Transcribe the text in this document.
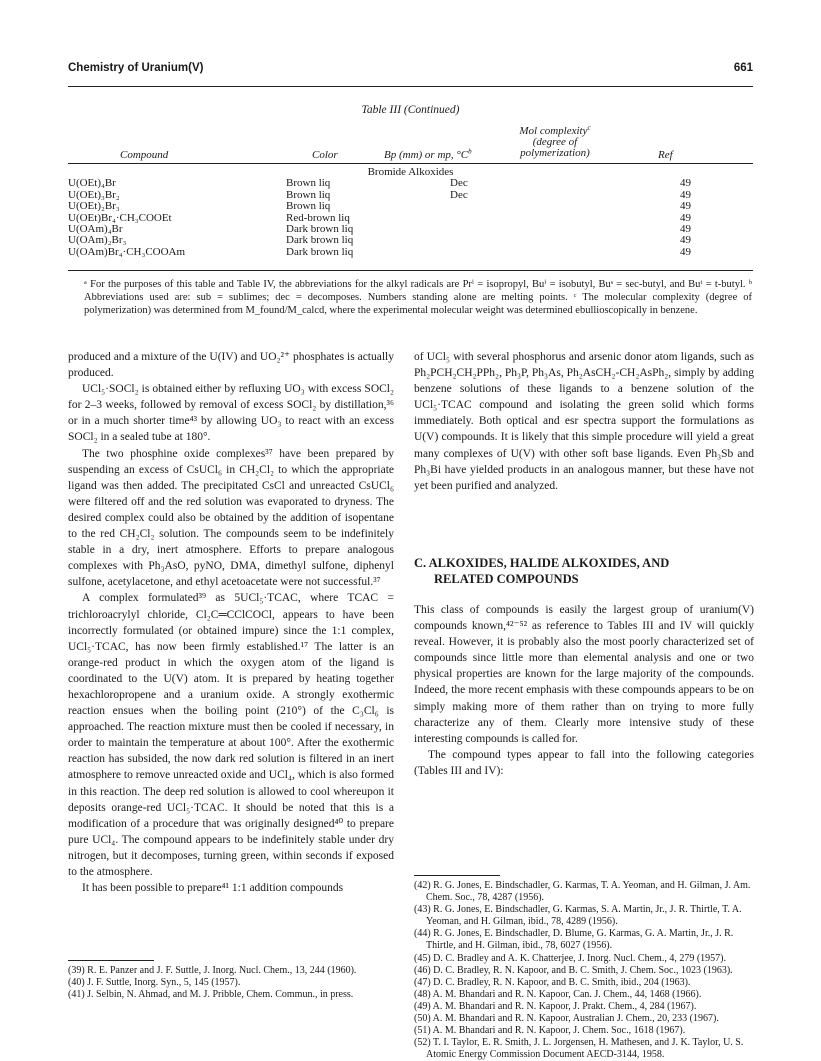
Chemistry of Uranium(V)	661
Table III (Continued)
Compound	Color	Bp (mm) or mp, $^\circ C^b$
Mol complexity$^c$
(degree of
polymerization)	Ref
Bromide Alkoxides				
U(OEt)₄Br	Brown liq	Dec		49
U(OEt)₃Br₂	Brown liq	Dec		49
U(OEt)₂Br₃	Brown liq			49
U(OEt)Br₄·CH₃COOEt	Red-brown liq			49
U(OAm)₄Br	Dark brown liq			49
U(OAm)₂Br₃	Dark brown liq			49
U(OAm)Br₄·CH₃COOAm	Dark brown liq			49
ᵃ For the purposes of this table and Table IV, the abbreviations for the alkyl radicals are Prⁱ = isopropyl, Buⁱ = isobutyl, Buˢ = sec-butyl, and Buᵗ = t-butyl. ᵇ Abbreviations used are: sub = sublimes; dec = decomposes. Numbers standing alone are melting points. ᶜ The molecular complexity (degree of polymerization) was determined from M_found/M_calcd, where the experimental molecular weight was determined ebullioscopically in benzene.

produced and a mixture of the U(IV) and UO₂²⁺ phosphates is actually produced.

UCl₅·SOCl₂ is obtained either by refluxing UO₃ with excess SOCl₂ for 2–3 weeks, followed by removal of excess SOCl₂ by distillation,³⁶ or in a much shorter time⁴³ by allowing UO₃ to react with an excess SOCl₂ in a sealed tube at 180°.

The two phosphine oxide complexes³⁷ have been prepared by suspending an excess of CsUCl₆ in CH₂Cl₂ to which the appropriate ligand was then added. The precipitated CsCl and unreacted CsUCl₆ were filtered off and the red solution was evaporated to dryness. The desired complex could also be obtained by the addition of isopentane to the red CH₂Cl₂ solution. The compounds seem to be indefinitely stable in a dry, inert atmosphere. Efforts to prepare analogous complexes with Ph₃AsO, pyNO, DMA, dimethyl sulfone, diphenyl sulfone, acetylacetone, and ethyl acetoacetate were not successful.³⁷

A complex formulated³⁹ as 5UCl₅·TCAC, where TCAC = trichloroacrylyl chloride, Cl₂C═CClCOCl, appears to have been incorrectly formulated (or obtained impure) since the 1:1 complex, UCl₅·TCAC, has now been firmly established.¹⁷ The latter is an orange-red product in which the oxygen atom of the ligand is coordinated to the U(V) atom. It is prepared by heating together hexachloropropene and a uranium oxide. A strongly exothermic reaction ensues when the boiling point (210°) of the C₃Cl₆ is approached. The reaction mixture must then be cooled if necessary, in order to maintain the temperature at about 100°. After the exothermic reaction has subsided, the now dark red solution is filtered in an inert atmosphere to remove unreacted oxide and UCl₄, which is also formed in this reaction. The deep red solution is allowed to cool whereupon it deposits orange-red UCl₅·TCAC. It should be noted that this is a modification of a procedure that was originally designed⁴⁰ to prepare pure UCl₄. The compound appears to be indefinitely stable under dry nitrogen, but it decomposes, turning green, within seconds if exposed to the atmosphere.

It has been possible to prepare⁴¹ 1:1 addition compounds

of UCl₅ with several phosphorus and arsenic donor atom ligands, such as Ph₂PCH₂CH₂PPh₂, Ph₃P, Ph₃As, Ph₂AsCH₂-CH₂AsPh₂, simply by adding benzene solutions of these ligands to a benzene solution of the UCl₅·TCAC compound and isolating the green solid which forms immediately. Both optical and esr spectra support the formulations as U(V) compounds. It is likely that this simple procedure will yield a great many complexes of U(V) with other soft base ligands. Even Ph₃Sb and Ph₃Bi have yielded products in an analogous manner, but these have not yet been purified and analyzed.

C. ALKOXIDES, HALIDE ALKOXIDES, AND
RELATED COMPOUNDS

This class of compounds is easily the largest group of uranium(V) compounds known,⁴²⁻⁵² as reference to Tables III and IV will quickly reveal. However, it is probably also the most poorly characterized set of compounds since little more than elemental analysis and one or two physical properties are known for the large majority of the compounds. Indeed, the more recent emphasis with these compounds appears to be on simply making more of them rather than on trying to more fully characterize any of them. Clearly more intensive study of these interesting compounds is called for.

The compound types appear to fall into the following categories (Tables III and IV):

(39) R. E. Panzer and J. F. Suttle, J. Inorg. Nucl. Chem., 13, 244 (1960).
(40) J. F. Suttle, Inorg. Syn., 5, 145 (1957).
(41) J. Selbin, N. Ahmad, and M. J. Pribble, Chem. Commun., in press.
(42) R. G. Jones, E. Bindschadler, G. Karmas, T. A. Yeoman, and H. Gilman, J. Am. Chem. Soc., 78, 4287 (1956).
(43) R. G. Jones, E. Bindschadler, G. Karmas, S. A. Martin, Jr., J. R. Thirtle, T. A. Yeoman, and H. Gilman, ibid., 78, 4289 (1956).
(44) R. G. Jones, E. Bindschadler, D. Blume, G. Karmas, G. A. Martin, Jr., J. R. Thirtle, and H. Gilman, ibid., 78, 6027 (1956).
(45) D. C. Bradley and A. K. Chatterjee, J. Inorg. Nucl. Chem., 4, 279 (1957).
(46) D. C. Bradley, R. N. Kapoor, and B. C. Smith, J. Chem. Soc., 1023 (1963).
(47) D. C. Bradley, R. N. Kapoor, and B. C. Smith, ibid., 204 (1963).
(48) A. M. Bhandari and R. N. Kapoor, Can. J. Chem., 44, 1468 (1966).
(49) A. M. Bhandari and R. N. Kapoor, J. Prakt. Chem., 4, 284 (1967).
(50) A. M. Bhandari and R. N. Kapoor, Australian J. Chem., 20, 233 (1967).
(51) A. M. Bhandari and R. N. Kapoor, J. Chem. Soc., 1618 (1967).
(52) T. I. Taylor, E. R. Smith, J. L. Jorgensen, H. Mathesen, and J. K. Taylor, U. S. Atomic Energy Commission Document AECD-3144, 1958.
